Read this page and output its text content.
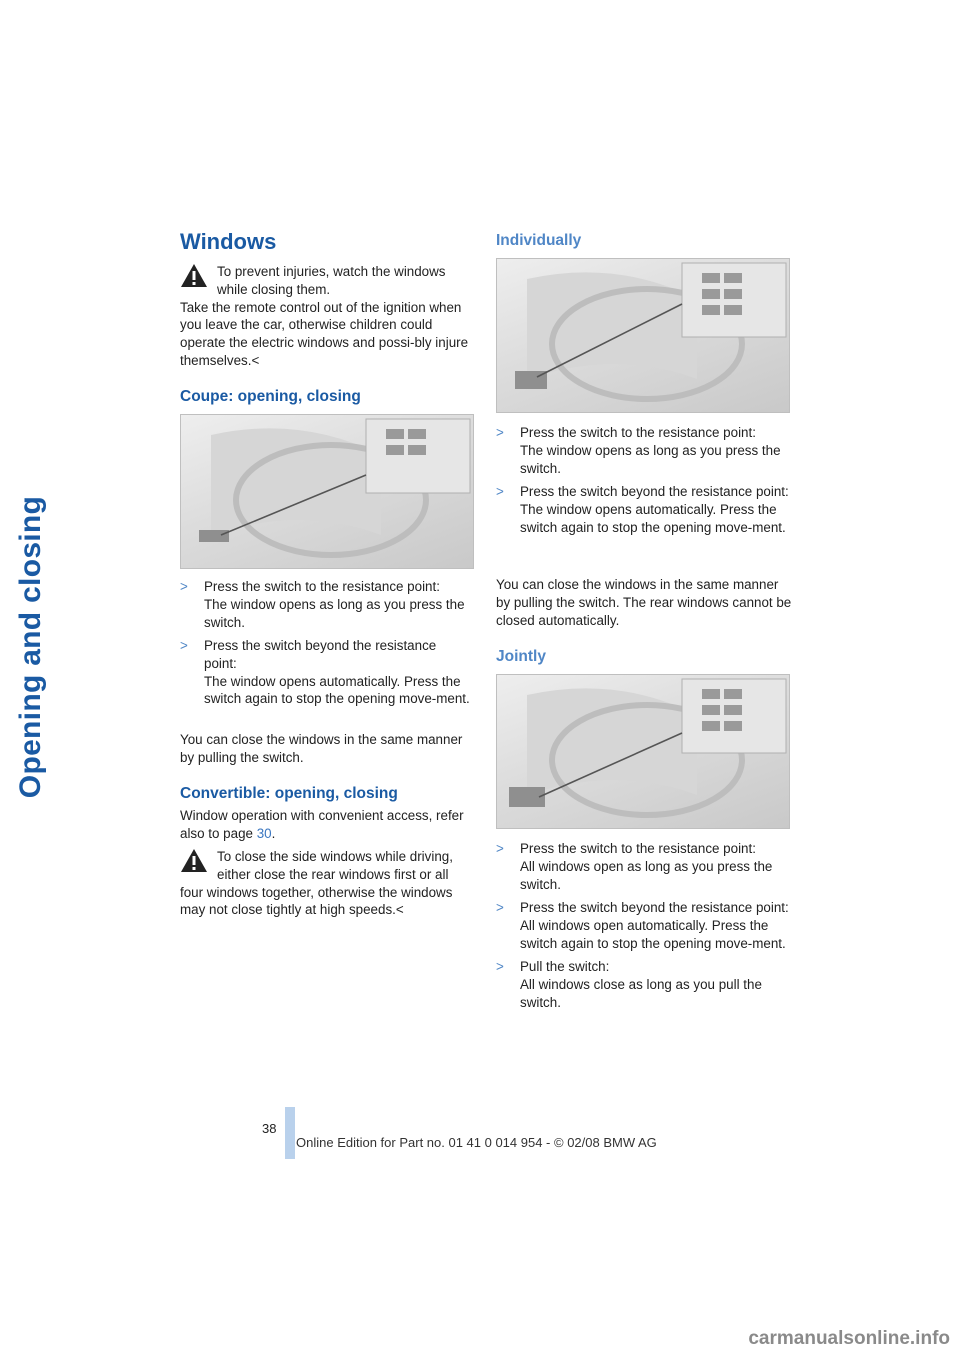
Opening and closing
Windows

To prevent injuries, watch the windows while closing them.

Take the remote control out of the ignition when you leave the car, otherwise children could operate the electric windows and possi-bly injure themselves.<

Coupe: opening, closing
> Press the switch to the resistance point:
The window opens as long as you press the switch.
> Press the switch beyond the resistance point:
The window opens automatically. Press the switch again to stop the opening move-ment.

You can close the windows in the same manner by pulling the switch.

Convertible: opening, closing

Window operation with convenient access, refer also to page 30.

To close the side windows while driving, either close the rear windows first or all

four windows together, otherwise the windows may not close tightly at high speeds.<

Individually
> Press the switch to the resistance point:
The window opens as long as you press the switch.
> Press the switch beyond the resistance point:
The window opens automatically. Press the switch again to stop the opening move-ment.

You can close the windows in the same manner by pulling the switch. The rear windows cannot be closed automatically.

Jointly
> Press the switch to the resistance point:
All windows open as long as you press the switch.
> Press the switch beyond the resistance point:
All windows open automatically. Press the switch again to stop the opening move-ment.
> Pull the switch:
All windows close as long as you pull the switch.
38
Online Edition for Part no. 01 41 0 014 954 - © 02/08 BMW AG
carmanualsonline.info
